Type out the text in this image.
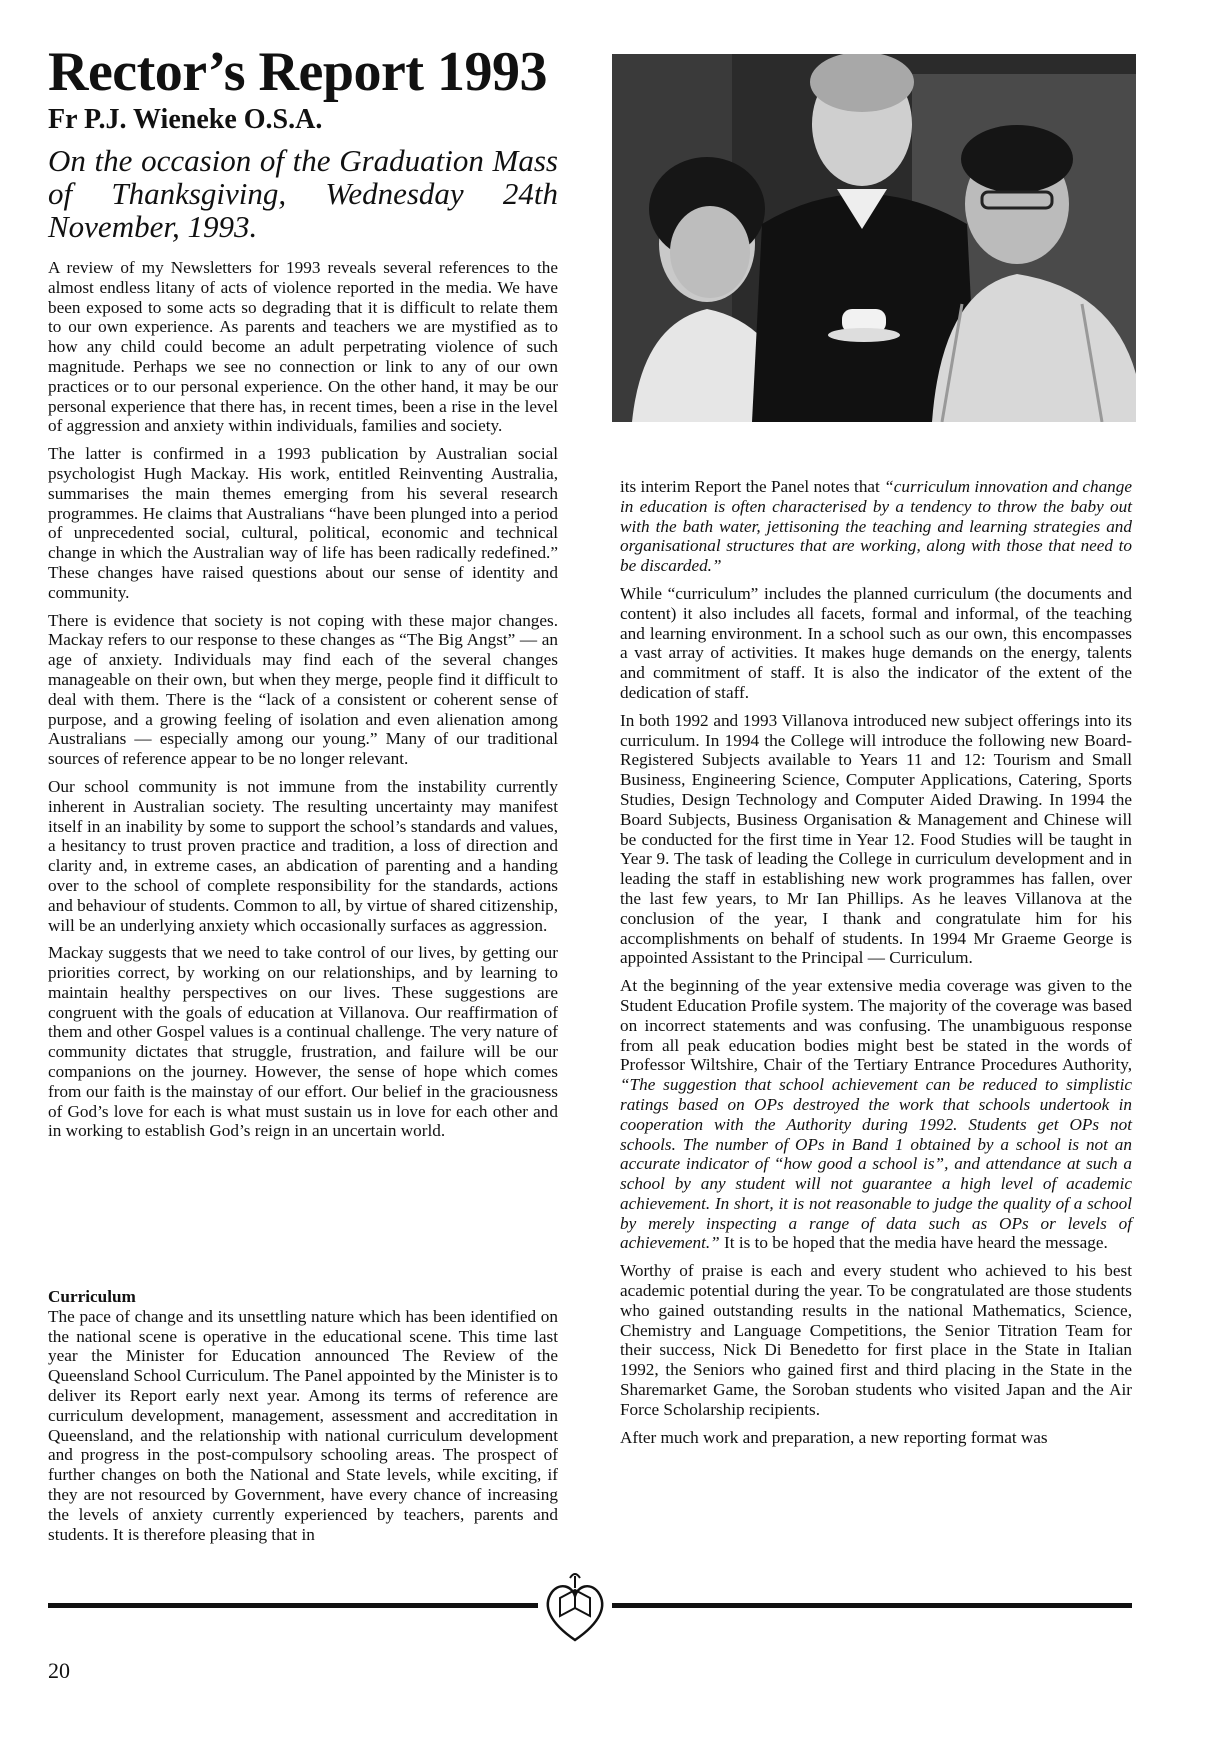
Rector’s Report 1993
Fr P.J. Wieneke O.S.A.
On the occasion of the Graduation Mass of Thanksgiving, Wednesday 24th November, 1993.

A review of my Newsletters for 1993 reveals several references to the almost endless litany of acts of violence reported in the media. We have been exposed to some acts so degrading that it is difficult to relate them to our own experience. As parents and teachers we are mystified as to how any child could become an adult perpetrating violence of such magnitude. Perhaps we see no connection or link to any of our own practices or to our personal experience. On the other hand, it may be our personal experience that there has, in recent times, been a rise in the level of aggression and anxiety within individuals, families and society.

The latter is confirmed in a 1993 publication by Australian social psychologist Hugh Mackay. His work, entitled Reinventing Australia, summarises the main themes emerging from his several research programmes. He claims that Australians “have been plunged into a period of unprecedented social, cultural, political, economic and technical change in which the Australian way of life has been radically redefined.” These changes have raised questions about our sense of identity and community.

There is evidence that society is not coping with these major changes. Mackay refers to our response to these changes as “The Big Angst” — an age of anxiety. Individuals may find each of the several changes manageable on their own, but when they merge, people find it difficult to deal with them. There is the “lack of a consistent or coherent sense of purpose, and a growing feeling of isolation and even alienation among Australians — especially among our young.” Many of our traditional sources of reference appear to be no longer relevant.

Our school community is not immune from the instability currently inherent in Australian society. The resulting uncertainty may manifest itself in an inability by some to support the school’s standards and values, a hesitancy to trust proven practice and tradition, a loss of direction and clarity and, in extreme cases, an abdication of parenting and a handing over to the school of complete responsibility for the standards, actions and behaviour of students. Common to all, by virtue of shared citizenship, will be an underlying anxiety which occasionally surfaces as aggression.

Mackay suggests that we need to take control of our lives, by getting our priorities correct, by working on our relationships, and by learning to maintain healthy perspectives on our lives. These suggestions are congruent with the goals of education at Villanova. Our reaffirmation of them and other Gospel values is a continual challenge. The very nature of community dictates that struggle, frustration, and failure will be our companions on the journey. However, the sense of hope which comes from our faith is the mainstay of our effort. Our belief in the graciousness of God’s love for each is what must sustain us in love for each other and in working to establish God’s reign in an uncertain world.

Curriculum

The pace of change and its unsettling nature which has been identified on the national scene is operative in the educational scene. This time last year the Minister for Education announced The Review of the Queensland School Curriculum. The Panel appointed by the Minister is to deliver its Report early next year. Among its terms of reference are curriculum development, management, assessment and accreditation in Queensland, and the relationship with national curriculum development and progress in the post-compulsory schooling areas. The prospect of further changes on both the National and State levels, while exciting, if they are not resourced by Government, have every chance of increasing the levels of anxiety currently experienced by teachers, parents and students. It is therefore pleasing that in

its interim Report the Panel notes that “curriculum innovation and change in education is often characterised by a tendency to throw the baby out with the bath water, jettisoning the teaching and learning strategies and organisational structures that are working, along with those that need to be discarded.”

While “curriculum” includes the planned curriculum (the documents and content) it also includes all facets, formal and informal, of the teaching and learning environment. In a school such as our own, this encompasses a vast array of activities. It makes huge demands on the energy, talents and commitment of staff. It is also the indicator of the extent of the dedication of staff.

In both 1992 and 1993 Villanova introduced new subject offerings into its curriculum. In 1994 the College will introduce the following new Board-Registered Subjects available to Years 11 and 12: Tourism and Small Business, Engineering Science, Computer Applications, Catering, Sports Studies, Design Technology and Computer Aided Drawing. In 1994 the Board Subjects, Business Organisation & Management and Chinese will be conducted for the first time in Year 12. Food Studies will be taught in Year 9. The task of leading the College in curriculum development and in leading the staff in establishing new work programmes has fallen, over the last few years, to Mr Ian Phillips. As he leaves Villanova at the conclusion of the year, I thank and congratulate him for his accomplishments on behalf of students. In 1994 Mr Graeme George is appointed Assistant to the Principal — Curriculum.

At the beginning of the year extensive media coverage was given to the Student Education Profile system. The majority of the coverage was based on incorrect statements and was confusing. The unambiguous response from all peak education bodies might best be stated in the words of Professor Wiltshire, Chair of the Tertiary Entrance Procedures Authority, “The suggestion that school achievement can be reduced to simplistic ratings based on OPs destroyed the work that schools undertook in cooperation with the Authority during 1992. Students get OPs not schools. The number of OPs in Band 1 obtained by a school is not an accurate indicator of “how good a school is”, and attendance at such a school by any student will not guarantee a high level of academic achievement. In short, it is not reasonable to judge the quality of a school by merely inspecting a range of data such as OPs or levels of achievement.” It is to be hoped that the media have heard the message.

Worthy of praise is each and every student who achieved to his best academic potential during the year. To be congratulated are those students who gained outstanding results in the national Mathematics, Science, Chemistry and Language Competitions, the Senior Titration Team for their success, Nick Di Benedetto for first place in the State in Italian 1992, the Seniors who gained first and third placing in the State in the Sharemarket Game, the Soroban students who visited Japan and the Air Force Scholarship recipients.

After much work and preparation, a new reporting format was

20
